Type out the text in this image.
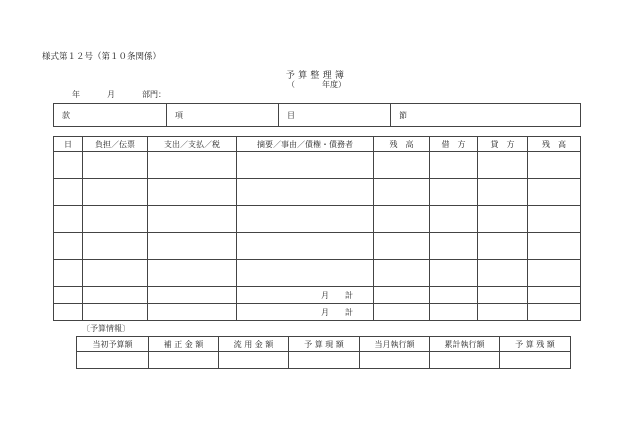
様式第１２号（第１０条関係）
予 算 整 理 簿
（	年度）
年	月	部門：
款	項	目	節
日	負担／伝票	支出／支払／税	摘要／事由／債権・債務者	残　高	借　方	貸　方	残　高

			月　　計				
			月　　計				
〔予算情報〕
当初予算額	補 正 金 額	流 用 金 額	予 算 現 額	当月執行額	累計執行額	予 算 残 額
